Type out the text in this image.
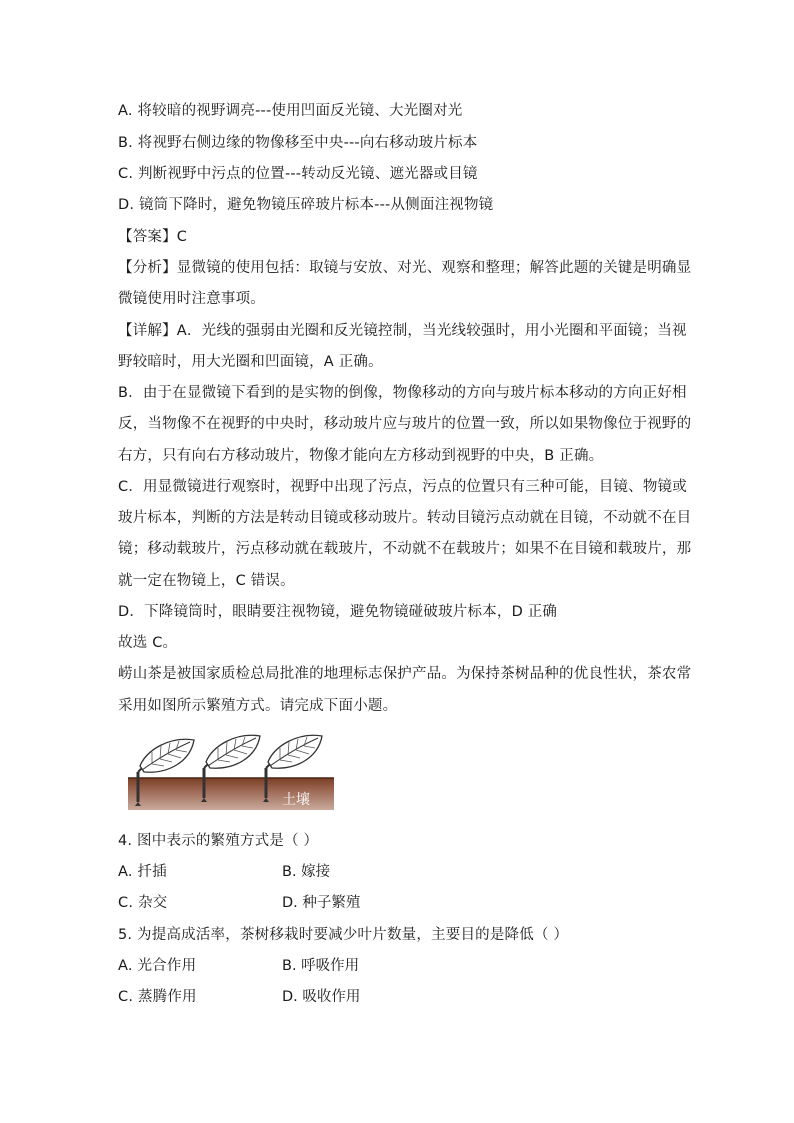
A. 将较暗的视野调亮---使用凹面反光镜、大光圈对光
B. 将视野右侧边缘的物像移至中央---向右移动玻片标本
C. 判断视野中污点的位置---转动反光镜、遮光器或目镜
D. 镜筒下降时，避免物镜压碎玻片标本---从侧面注视物镜
【答案】C
【分析】显微镜的使用包括：取镜与安放、对光、观察和整理；解答此题的关键是明确显
微镜使用时注意事项。
【详解】A．光线的强弱由光圈和反光镜控制，当光线较强时，用小光圈和平面镜；当视
野较暗时，用大光圈和凹面镜，A 正确。
B．由于在显微镜下看到的是实物的倒像，物像移动的方向与玻片标本移动的方向正好相
反，当物像不在视野的中央时，移动玻片应与玻片的位置一致，所以如果物像位于视野的
右方，只有向右方移动玻片，物像才能向左方移动到视野的中央，B 正确。
C．用显微镜进行观察时，视野中出现了污点，污点的位置只有三种可能，目镜、物镜或
玻片标本，判断的方法是转动目镜或移动玻片。转动目镜污点动就在目镜，不动就不在目
镜；移动载玻片，污点移动就在载玻片，不动就不在载玻片；如果不在目镜和载玻片，那
就一定在物镜上，C 错误。
D．下降镜筒时，眼睛要注视物镜，避免物镜碰破玻片标本，D 正确
故选 C。
崂山茶是被国家质检总局批准的地理标志保护产品。为保持茶树品种的优良性状，茶农常
采用如图所示繁殖方式。请完成下面小题。
土壤
4. 图中表示的繁殖方式是（ ）
A. 扦插	B. 嫁接
C. 杂交	D. 种子繁殖
5. 为提高成活率，茶树移栽时要减少叶片数量，主要目的是降低（ ）
A. 光合作用	B. 呼吸作用
C. 蒸腾作用	D. 吸收作用
